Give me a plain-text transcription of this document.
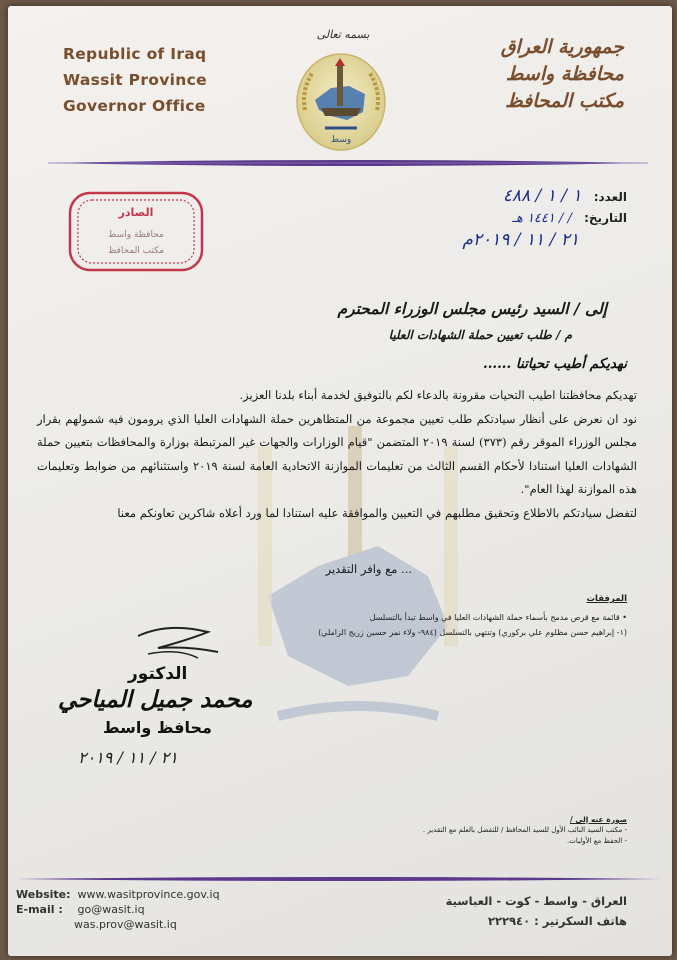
Republic of Iraq
Wassit Province
Governor Office
جمهورية العراق
محافظة واسط
مكتب المحافظ
بسمه تعالى
وسط
العدد: ١ / ١ / ٤٨٨
التاريخ: / / ١٤٤١ هـ
٢١ / ١١ / ٢٠١٩م
الصادر
محافظة واسط
مكتب المحافظ
إلى / السيد رئيس مجلس الوزراء المحترم
م / طلب تعيين حملة الشهادات العليا
نهديكم أطيب تحياتنا ......

تهديكم محافظتنا اطيب التحيات مقرونة بالدعاء لكم بالتوفيق لخدمة أبناء بلدنا العزيز.

نود ان نعرض على أنظار سيادتكم طلب تعيين مجموعة من المتظاهرين حملة الشهادات العليا الذي يرومون فيه شمولهم بقرار مجلس الوزراء الموقر رقم (٣٧٣) لسنة ٢٠١٩ المتضمن "قيام الوزارات والجهات غير المرتبطة بوزارة والمحافظات بتعيين حملة الشهادات العليا استنادا لأحكام القسم الثالث من تعليمات الموازنة الاتحادية العامة لسنة ٢٠١٩ واستثنائهم من ضوابط وتعليمات هذه الموازنة لهذا العام".

لتفضل سيادتكم بالاطلاع وتحقيق مطلبهم في التعيين والموافقة عليه استنادا لما ورد أعلاه شاكرين تعاونكم معنا

... مع وافر التقدير
المرفقات
• قائمة مع قرص مدمج بأسماء حملة الشهادات العليا في واسط تبدأ بالتسلسل
(١- إبراهيم حسن مظلوم علي بركوري) وتنتهي بالتسلسل (٩٨٤- ولاء نمر حسين زريج الزاملي)
الدكتور
محمد جميل المياحي
محافظ واسط
٢١ / ١١ / ٢٠١٩
صورة عنه إلى /
- مكتب السيد النائب الأول للسيد المحافظ / للتفضل بالعلم مع التقدير .
- الحفظ مع الأوليات.
Website: www.wasitprovince.gov.iq
E-mail : go@wasit.iq
was.prov@wasit.iq
العراق - واسط - كوت - العباسية
هاتف السكرتير : ٢٢٢٩٤٠
